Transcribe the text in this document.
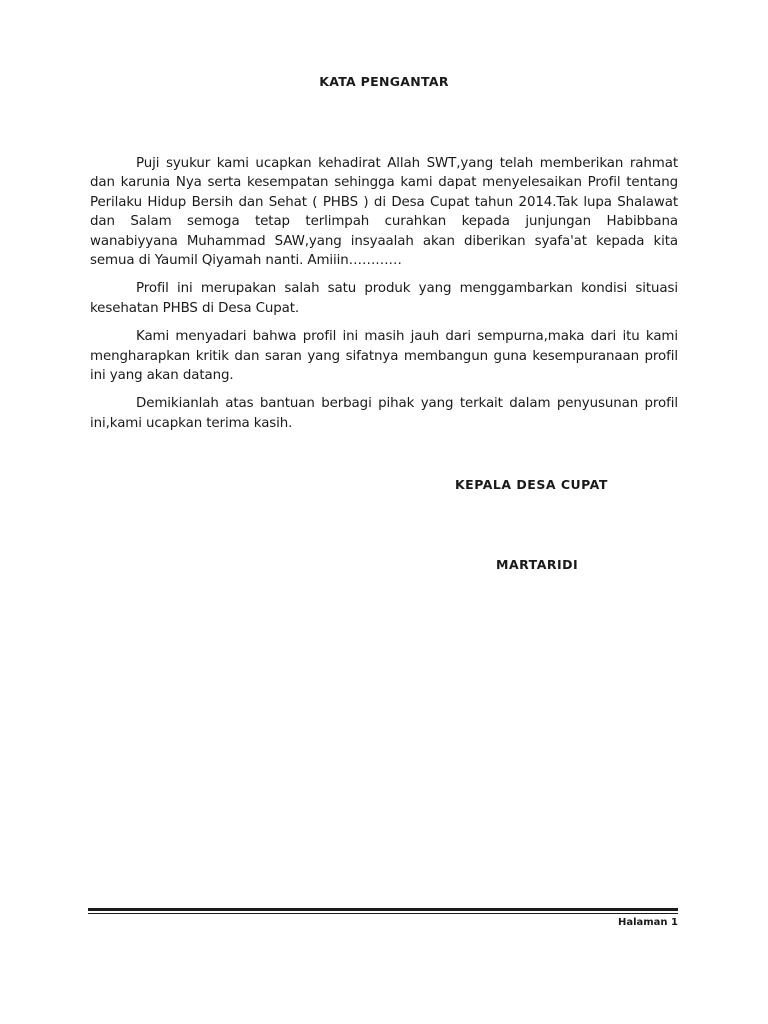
KATA PENGANTAR

Puji syukur kami ucapkan kehadirat Allah SWT,yang telah memberikan rahmat dan karunia Nya serta kesempatan sehingga kami dapat menyelesaikan Profil tentang Perilaku Hidup Bersih dan Sehat ( PHBS ) di Desa Cupat tahun 2014.Tak lupa Shalawat dan Salam semoga tetap terlimpah curahkan kepada junjungan Habibbana wanabiyyana Muhammad SAW,yang insyaalah akan diberikan syafa'at kepada kita semua di Yaumil Qiyamah nanti. Amiiin…………

Profil ini merupakan salah satu produk yang menggambarkan kondisi situasi kesehatan PHBS di Desa Cupat.

Kami menyadari bahwa profil ini masih jauh dari sempurna,maka dari itu kami mengharapkan kritik dan saran yang sifatnya membangun guna kesempuranaan profil ini yang akan datang.

Demikianlah atas bantuan berbagi pihak yang terkait dalam penyusunan profil ini,kami ucapkan terima kasih.

KEPALA DESA CUPAT
MARTARIDI
Halaman 1
